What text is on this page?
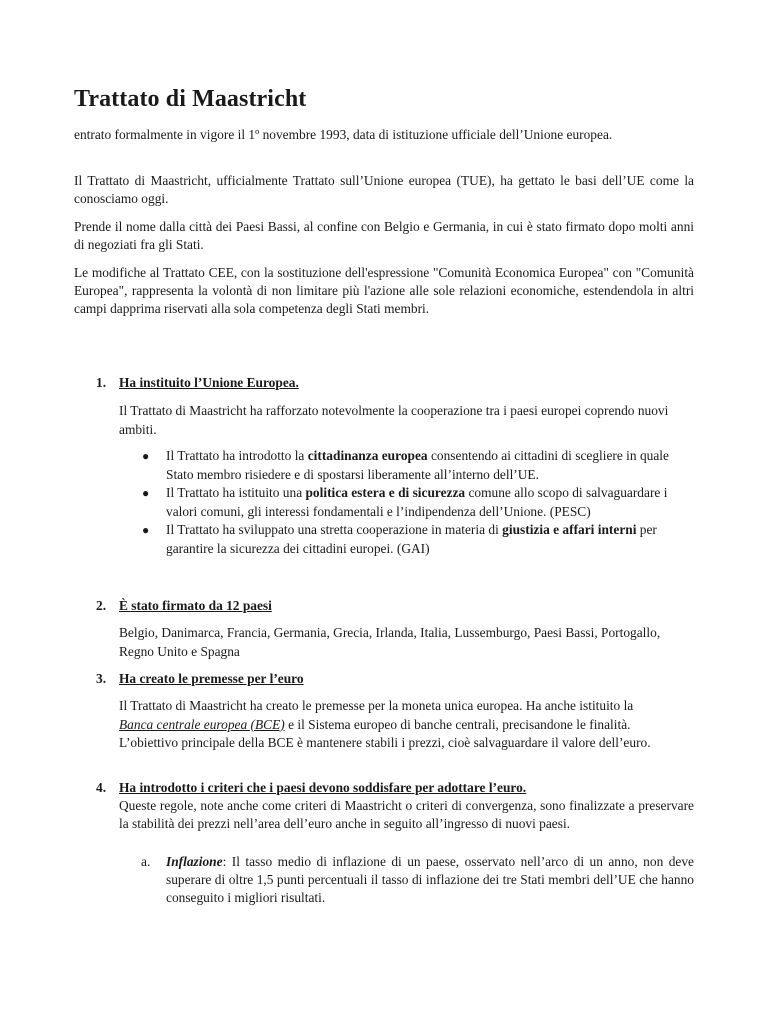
Trattato di Maastricht

entrato formalmente in vigore il 1º novembre 1993, data di istituzione ufficiale dell’Unione europea.

Il Trattato di Maastricht, ufficialmente Trattato sull’Unione europea (TUE), ha gettato le basi dell’UE come la conosciamo oggi.

Prende il nome dalla città dei Paesi Bassi, al confine con Belgio e Germania, in cui è stato firmato dopo molti anni di negoziati fra gli Stati.

Le modifiche al Trattato CEE, con la sostituzione dell'espressione "Comunità Economica Europea" con "Comunità Europea", rappresenta la volontà di non limitare più l'azione alle sole relazioni economiche, estendendola in altri campi dapprima riservati alla sola competenza degli Stati membri.

1. Ha instituito l’Unione Europea.

Il Trattato di Maastricht ha rafforzato notevolmente la cooperazione tra i paesi europei coprendo nuovi ambiti.

● Il Trattato ha introdotto la cittadinanza europea consentendo ai cittadini di scegliere in quale Stato membro risiedere e di spostarsi liberamente all’interno dell’UE.
● Il Trattato ha istituito una politica estera e di sicurezza comune allo scopo di salvaguardare i valori comuni, gli interessi fondamentali e l’indipendenza dell’Unione. (PESC)
● Il Trattato ha sviluppato una stretta cooperazione in materia di giustizia e affari interni per garantire la sicurezza dei cittadini europei. (GAI)
2. È stato firmato da 12 paesi

Belgio, Danimarca, Francia, Germania, Grecia, Irlanda, Italia, Lussemburgo, Paesi Bassi, Portogallo, Regno Unito e Spagna

3. Ha creato le premesse per l’euro

Il Trattato di Maastricht ha creato le premesse per la moneta unica europea. Ha anche istituito la Banca centrale europea (BCE) e il Sistema europeo di banche centrali, precisandone le finalità. L’obiettivo principale della BCE è mantenere stabili i prezzi, cioè salvaguardare il valore dell’euro.

4. Ha introdotto i criteri che i paesi devono soddisfare per adottare l’euro.

Queste regole, note anche come criteri di Maastricht o criteri di convergenza, sono finalizzate a preservare la stabilità dei prezzi nell’area dell’euro anche in seguito all’ingresso di nuovi paesi.

a. Inflazione: Il tasso medio di inflazione di un paese, osservato nell’arco di un anno, non deve superare di oltre 1,5 punti percentuali il tasso di inflazione dei tre Stati membri dell’UE che hanno conseguito i migliori risultati.
